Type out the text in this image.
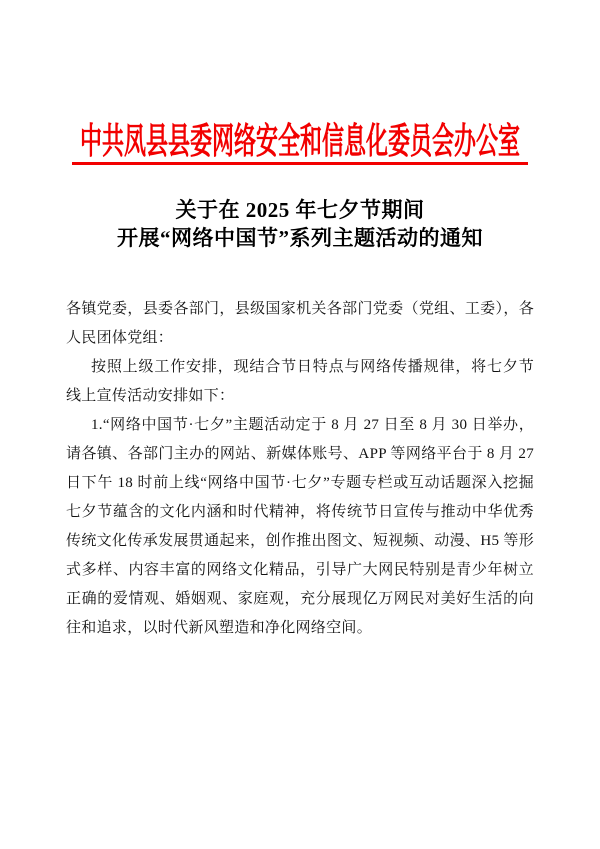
中共凤县县委网络安全和信息化委员会办公室
关于在 2025 年七夕节期间
开展“网络中国节”系列主题活动的通知

各镇党委，县委各部门，县级国家机关各部门党委（党组、工委），各人民团体党组：

按照上级工作安排，现结合节日特点与网络传播规律，将七夕节线上宣传活动安排如下：

1.“网络中国节·七夕”主题活动定于 8 月 27 日至 8 月 30 日举办，请各镇、各部门主办的网站、新媒体账号、APP 等网络平台于 8 月 27 日下午 18 时前上线“网络中国节·七夕”专题专栏或互动话题深入挖掘七夕节蕴含的文化内涵和时代精神，将传统节日宣传与推动中华优秀传统文化传承发展贯通起来，创作推出图文、短视频、动漫、H5 等形式多样、内容丰富的网络文化精品，引导广大网民特别是青少年树立正确的爱情观、婚姻观、家庭观，充分展现亿万网民对美好生活的向往和追求，以时代新风塑造和净化网络空间。
